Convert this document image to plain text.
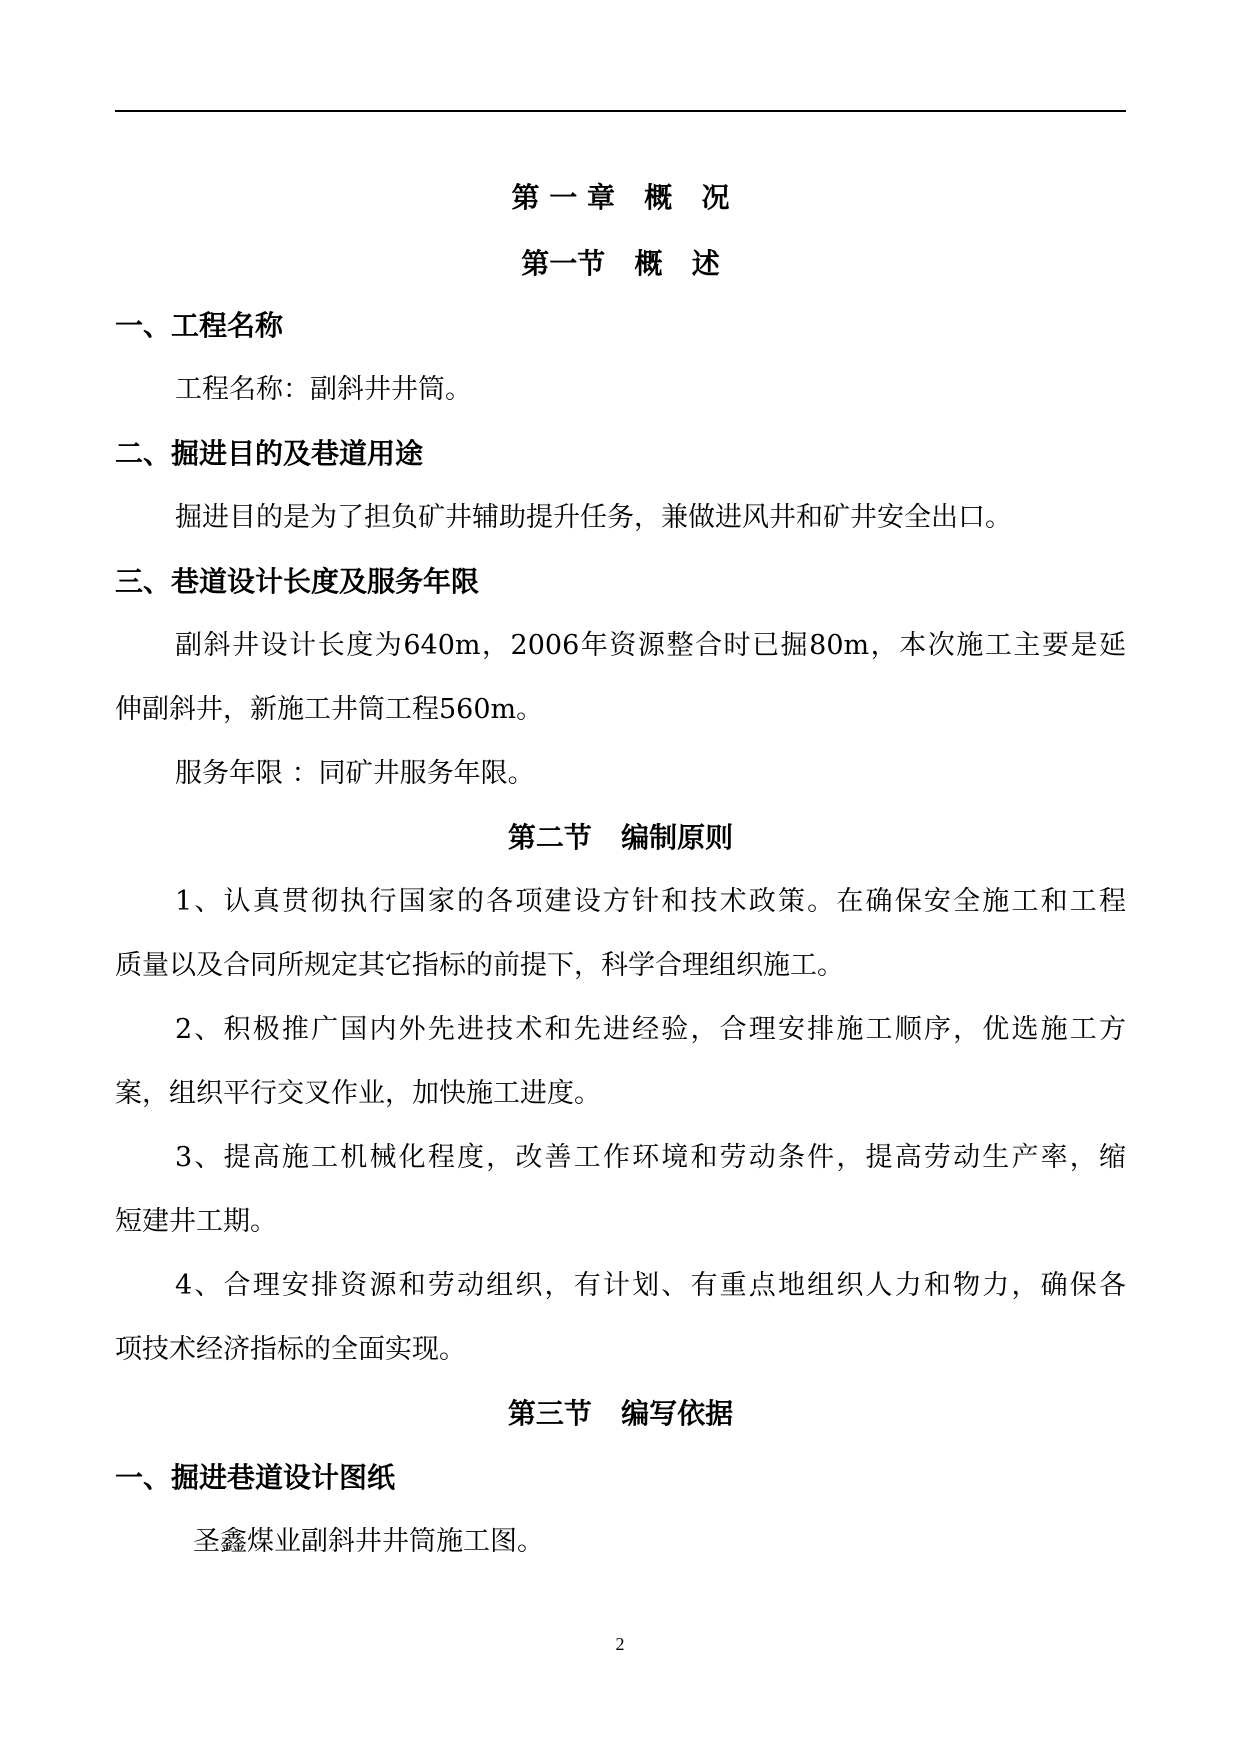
第 一 章   概   况
第一节   概   述
一、工程名称
工程名称：副斜井井筒。
二、掘进目的及巷道用途
掘进目的是为了担负矿井辅助提升任务，兼做进风井和矿井安全出口。
三、巷道设计长度及服务年限
副斜井设计长度为640m，2006年资源整合时已掘80m，本次施工主要是延
伸副斜井，新施工井筒工程560m。
服务年限 ：同矿井服务年限。
第二节   编制原则
1、认真贯彻执行国家的各项建设方针和技术政策。在确保安全施工和工程
质量以及合同所规定其它指标的前提下，科学合理组织施工。
2、积极推广国内外先进技术和先进经验，合理安排施工顺序，优选施工方
案，组织平行交叉作业，加快施工进度。
3、提高施工机械化程度，改善工作环境和劳动条件，提高劳动生产率，缩
短建井工期。
4、合理安排资源和劳动组织，有计划、有重点地组织人力和物力，确保各
项技术经济指标的全面实现。
第三节   编写依据
一、掘进巷道设计图纸
圣鑫煤业副斜井井筒施工图。
2
